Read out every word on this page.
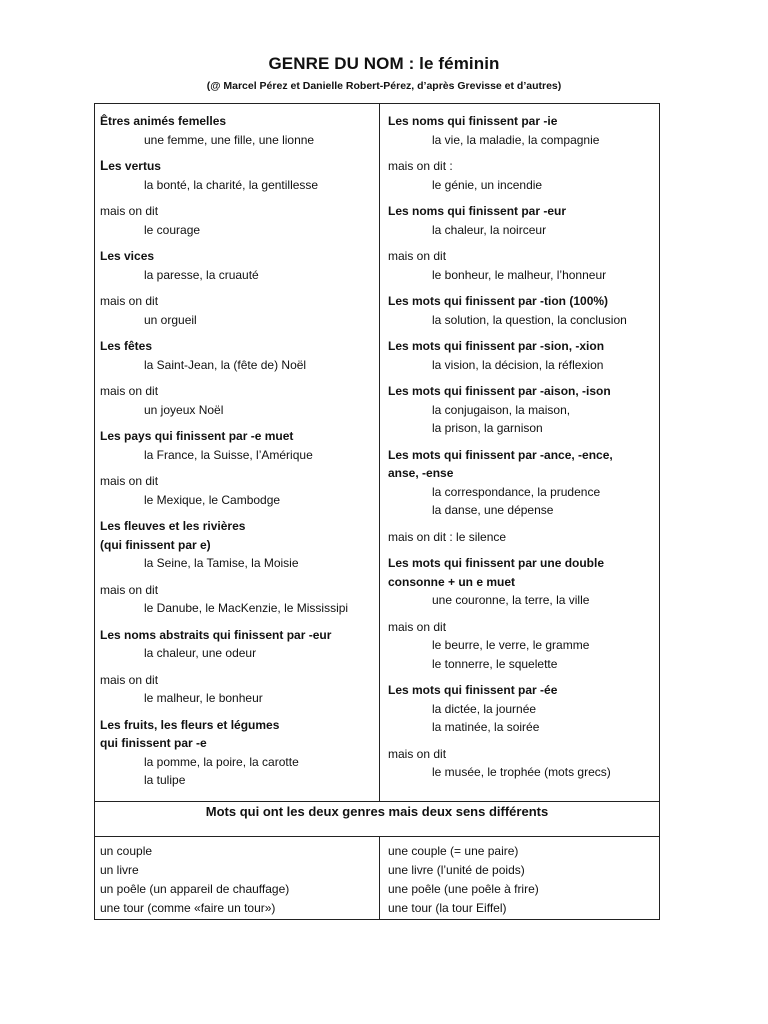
GENRE DU NOM : le féminin
(@ Marcel Pérez et Danielle Robert-Pérez, d’après Grevisse et d’autres)
Êtres animés femelles
une femme, une fille, une lionne
Les vertus
la bonté, la charité, la gentillesse
mais on dit
le courage
Les vices
la paresse, la cruauté
mais on dit
un orgueil
Les fêtes
la Saint-Jean, la (fête de) Noël
mais on dit
un joyeux Noël
Les pays qui finissent par -e muet
la France, la Suisse, l’Amérique
mais on dit
le Mexique, le Cambodge
Les fleuves et les rivières
(qui finissent par e)
la Seine, la Tamise, la Moisie
mais on dit
le Danube, le MacKenzie, le Mississipi
Les noms abstraits qui finissent par -eur
la chaleur, une odeur
mais on dit
le malheur, le bonheur
Les fruits, les fleurs et légumes
qui finissent par -e
la pomme, la poire, la carotte
la tulipe
Les noms qui finissent par -ie
la vie, la maladie, la compagnie
mais on dit :
le génie, un incendie
Les noms qui finissent par -eur
la chaleur, la noirceur
mais on dit
le bonheur, le malheur, l’honneur
Les mots qui finissent par -tion (100%)
la solution, la question, la conclusion
Les mots qui finissent par -sion, -xion
la vision, la décision, la réflexion
Les mots qui finissent par -aison, -ison
la conjugaison, la maison,
la prison, la garnison
Les mots qui finissent par -ance, -ence,
anse, -ense
la correspondance, la prudence
la danse, une dépense
mais on dit : le silence
Les mots qui finissent par une double
consonne + un e muet
une couronne, la terre, la ville
mais on dit
le beurre, le verre, le gramme
le tonnerre, le squelette
Les mots qui finissent par -ée
la dictée, la journée
la matinée, la soirée
mais on dit
le musée, le trophée (mots grecs)
Mots qui ont les deux genres mais deux sens différents
un couple
un livre
un poêle (un appareil de chauffage)
une tour (comme «faire un tour»)
une couple (= une paire)
une livre (l’unité de poids)
une poêle (une poêle à frire)
une tour (la tour Eiffel)
